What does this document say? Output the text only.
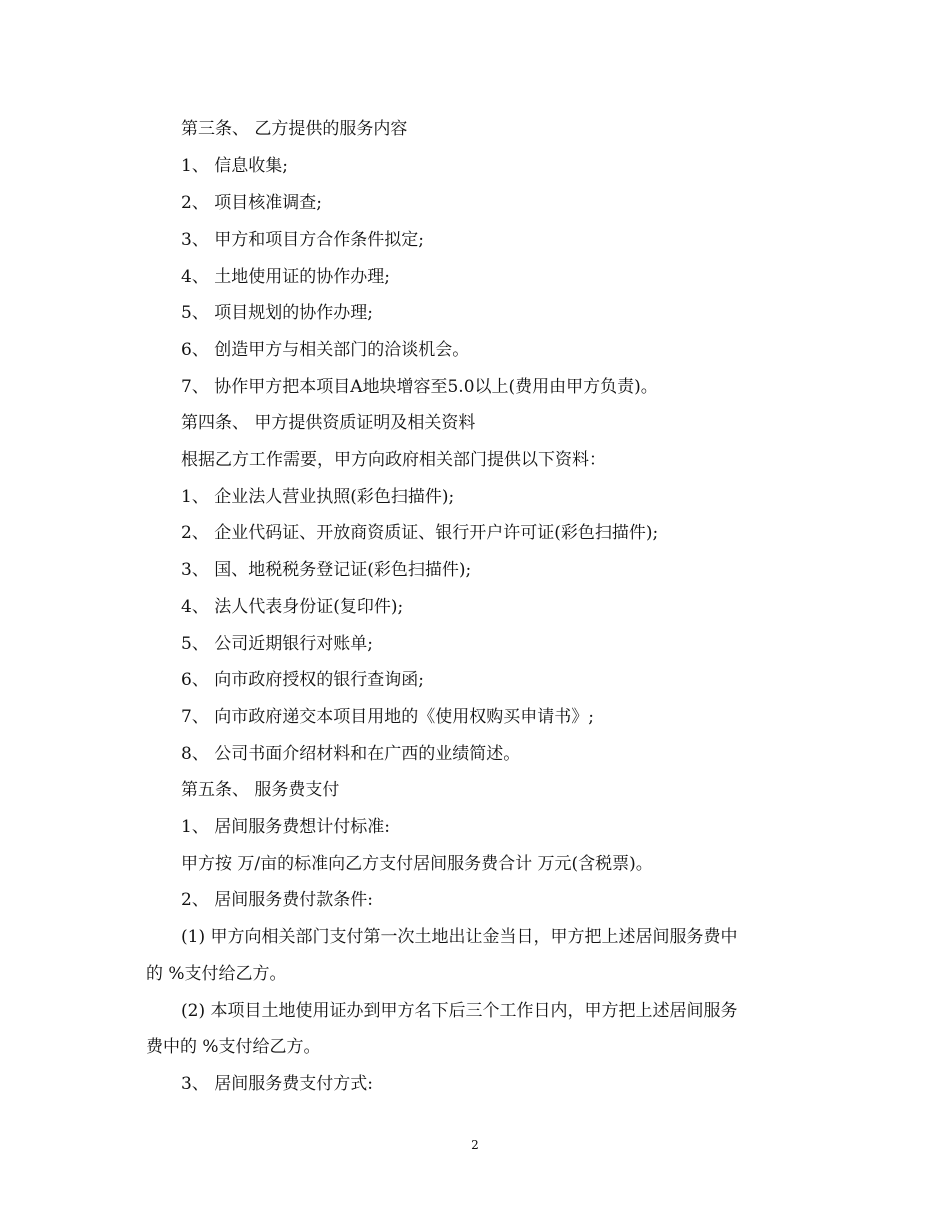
第三条、 乙方提供的服务内容
1、 信息收集;
2、 项目核准调查;
3、 甲方和项目方合作条件拟定;
4、 土地使用证的协作办理;
5、 项目规划的协作办理;
6、 创造甲方与相关部门的洽谈机会。
7、 协作甲方把本项目A地块增容至5.0以上(费用由甲方负责)。
第四条、 甲方提供资质证明及相关资料
根据乙方工作需要，甲方向政府相关部门提供以下资料：
1、 企业法人营业执照(彩色扫描件);
2、 企业代码证、开放商资质证、银行开户许可证(彩色扫描件);
3、 国、地税税务登记证(彩色扫描件);
4、 法人代表身份证(复印件);
5、 公司近期银行对账单;
6、 向市政府授权的银行查询函;
7、 向市政府递交本项目用地的《使用权购买申请书》;
8、 公司书面介绍材料和在广西的业绩简述。
第五条、 服务费支付
1、 居间服务费想计付标准:
甲方按 万/亩的标准向乙方支付居间服务费合计 万元(含税票)。
2、 居间服务费付款条件:
(1) 甲方向相关部门支付第一次土地出让金当日，甲方把上述居间服务费中
的 %支付给乙方。
(2) 本项目土地使用证办到甲方名下后三个工作日内，甲方把上述居间服务
费中的 %支付给乙方。
3、 居间服务费支付方式:
2
